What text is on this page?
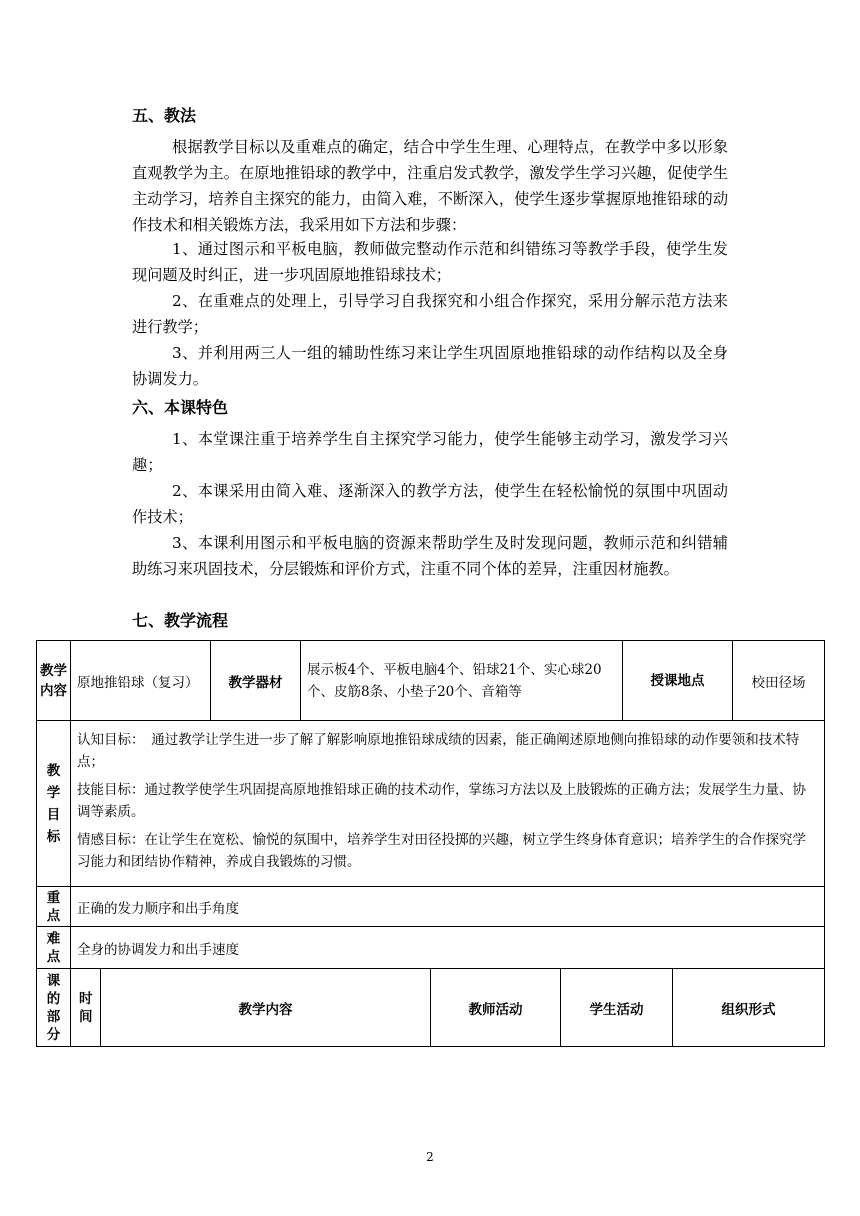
五、教法

根据教学目标以及重难点的确定，结合中学生生理、心理特点，在教学中多以形象直观教学为主。在原地推铅球的教学中，注重启发式教学，激发学生学习兴趣，促使学生主动学习，培养自主探究的能力，由简入难，不断深入，使学生逐步掌握原地推铅球的动作技术和相关锻炼方法，我采用如下方法和步骤：

1、通过图示和平板电脑，教师做完整动作示范和纠错练习等教学手段，使学生发现问题及时纠正，进一步巩固原地推铅球技术；

2、在重难点的处理上，引导学习自我探究和小组合作探究，采用分解示范方法来进行教学；

3、并利用两三人一组的辅助性练习来让学生巩固原地推铅球的动作结构以及全身协调发力。

六、本课特色

1、本堂课注重于培养学生自主探究学习能力，使学生能够主动学习，激发学习兴趣；

2、本课采用由简入难、逐渐深入的教学方法，使学生在轻松愉悦的氛围中巩固动作技术；

3、本课利用图示和平板电脑的资源来帮助学生及时发现问题，教师示范和纠错辅助练习来巩固技术，分层锻炼和评价方式，注重不同个体的差异，注重因材施教。

七、教学流程
教学内容	原地推铅球（复习）		教学器材	展示板4个、平板电脑4个、铅球21个、实心球20个、皮筋8条、小垫子20个、音箱等			授课地点		校田径场
教学目标	认知目标：　通过教学让学生进一步了解了解影响原地推铅球成绩的因素，能正确阐述原地侧向推铅球的动作要领和技术特点；

技能目标：通过教学使学生巩固提高原地推铅球正确的技术动作，掌练习方法以及上肢锻炼的正确方法；发展学生力量、协调等素质。

情感目标：在让学生在宽松、愉悦的氛围中，培养学生对田径投掷的兴趣，树立学生终身体育意识；培养学生的合作探究学习能力和团结协作精神，养成自我锻炼的习惯。								

重点	正确的发力顺序和出手角度								
难点	全身的协调发力和出手速度								
课的部分	时间	教学内容			教师活动	学生活动		组织形式	
2
